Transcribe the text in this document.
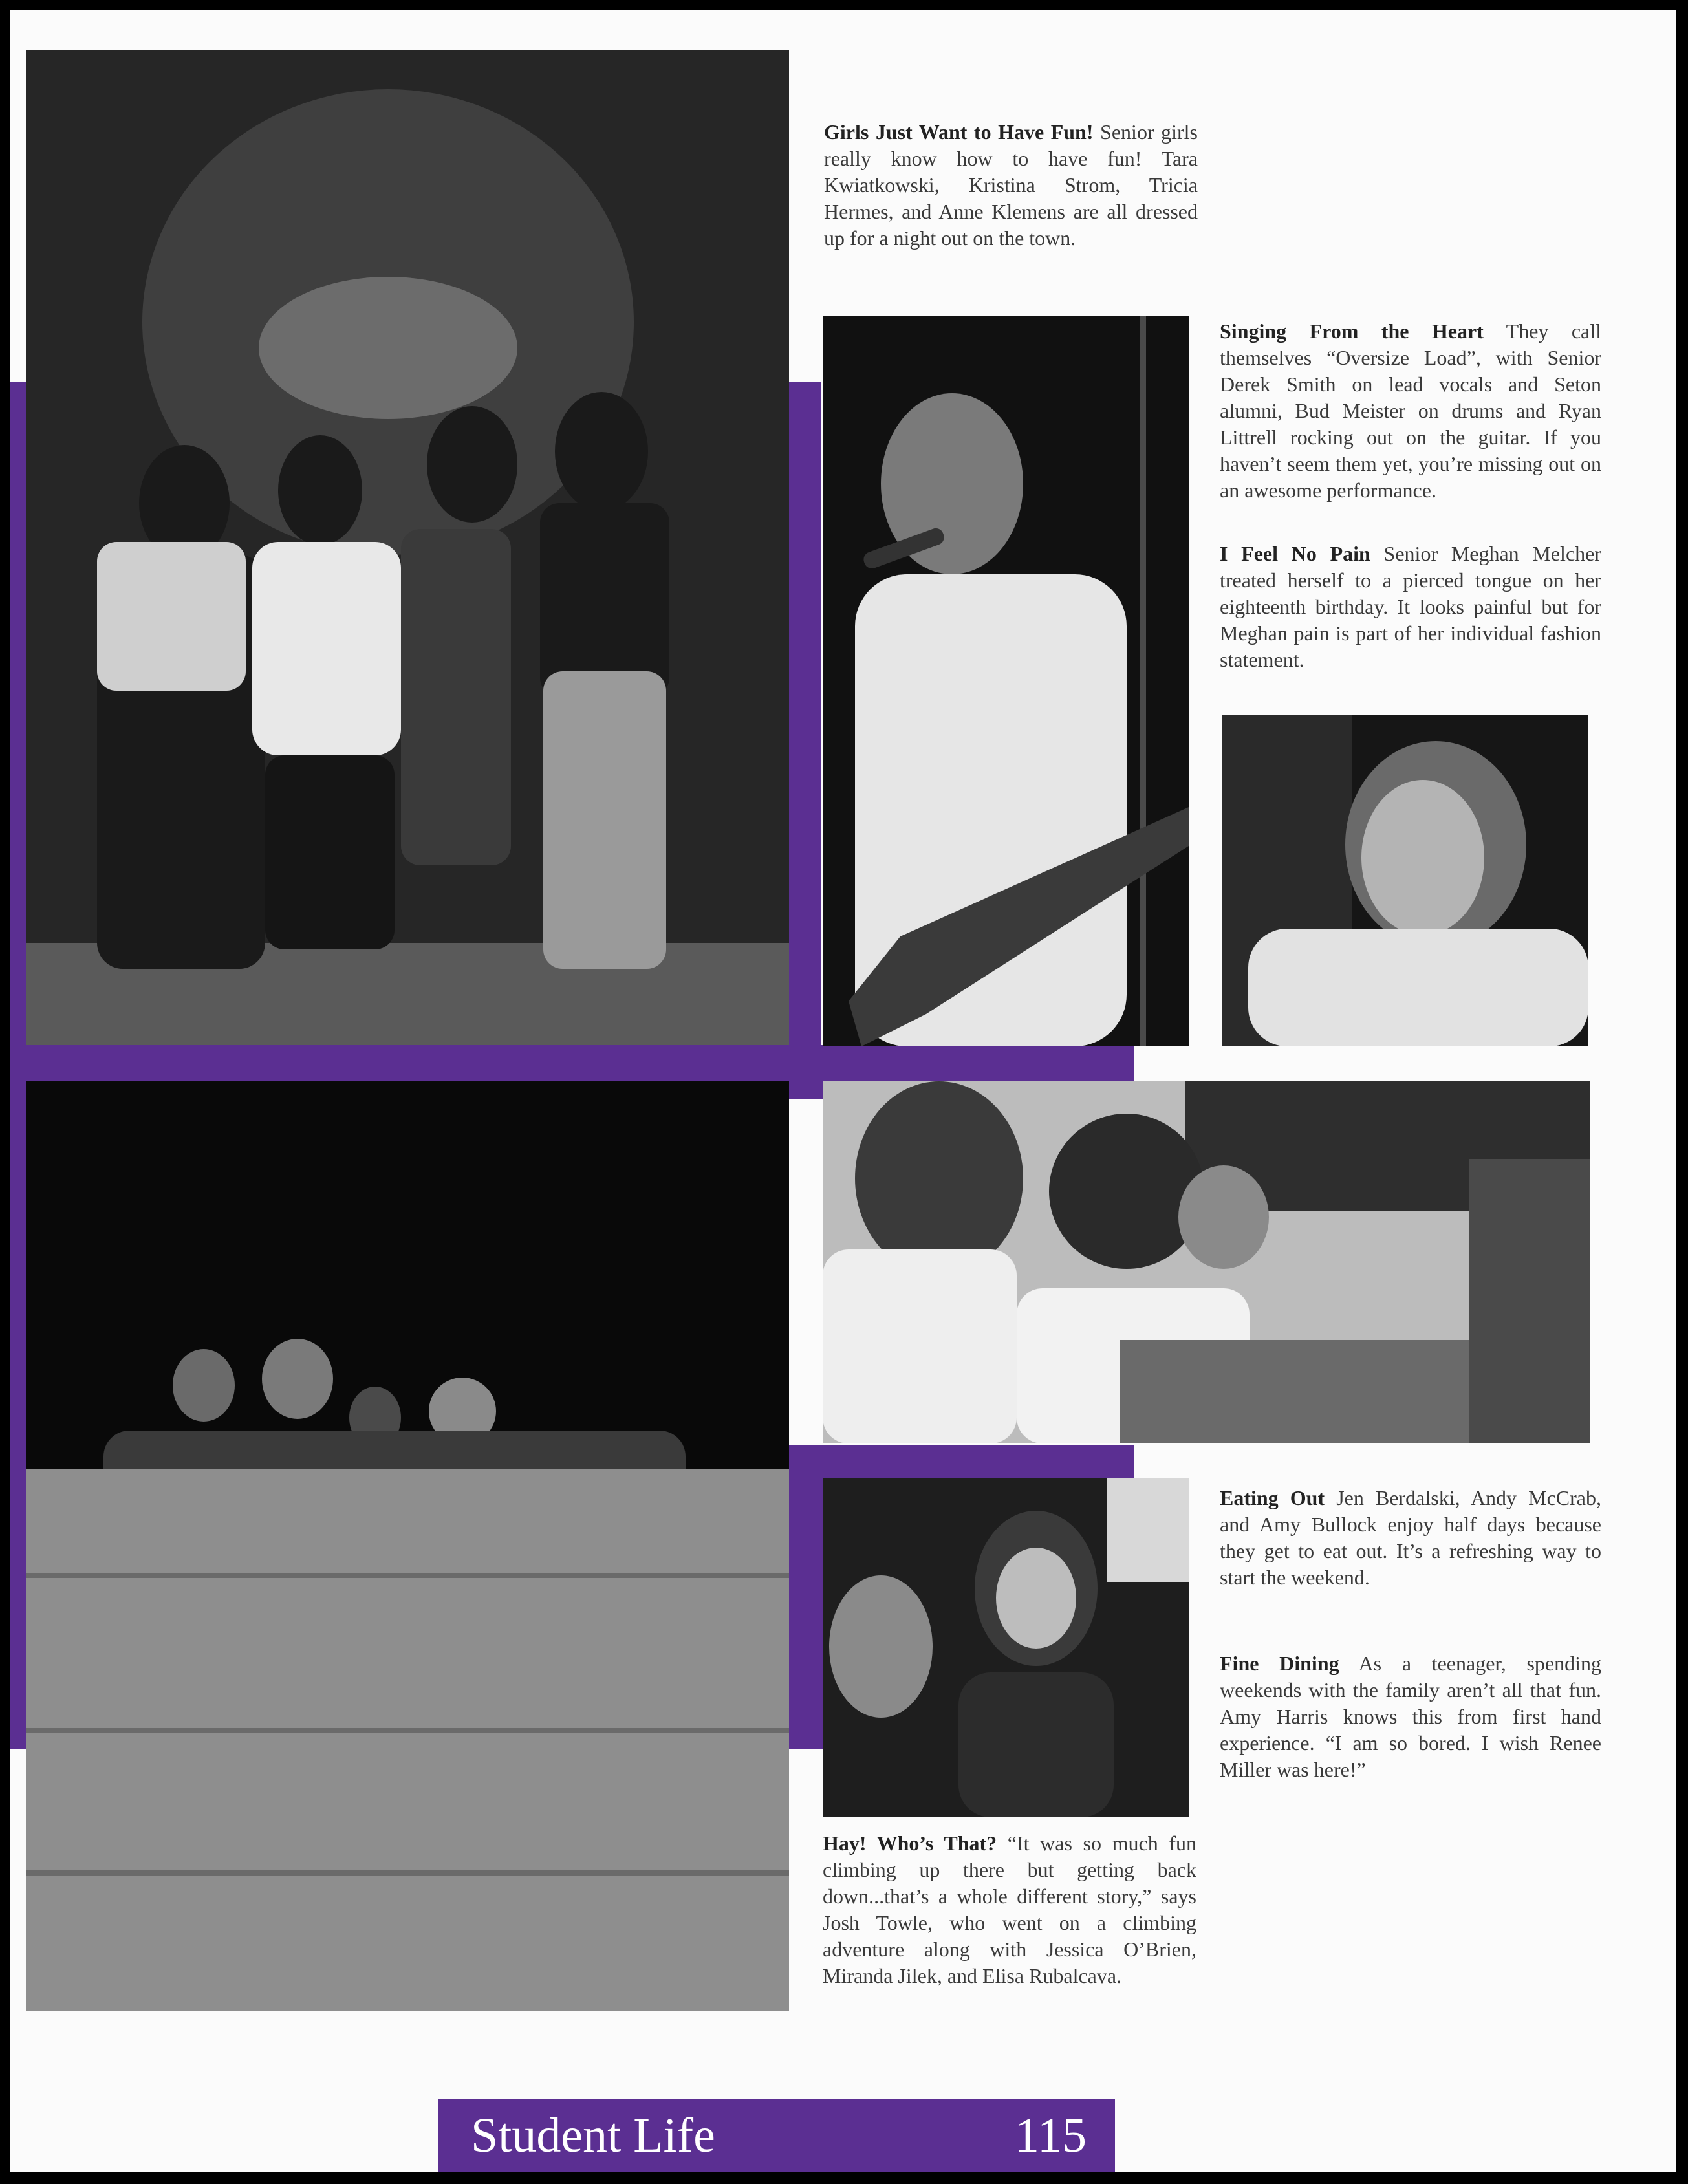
Girls Just Want to Have Fun! Senior girls really know how to have fun! Tara Kwiatkowski, Kristina Strom, Tricia Hermes, and Anne Klemens are all dressed up for a night out on the town.

Singing From the Heart They call themselves “Oversize Load”, with Senior Derek Smith on lead vocals and Seton alumni, Bud Meister on drums and Ryan Littrell rocking out on the guitar. If you haven’t seem them yet, you’re missing out on an awesome performance.

I Feel No Pain Senior Meghan Melcher treated herself to a pierced tongue on her eighteenth birthday. It looks painful but for Meghan pain is part of her individual fashion statement.

Eating Out Jen Berdalski, Andy McCrab, and Amy Bullock enjoy half days because they get to eat out. It’s a refreshing way to start the weekend.

Fine Dining As a teenager, spending weekends with the family aren’t all that fun. Amy Harris knows this from first hand experience. “I am so bored. I wish Renee Miller was here!”

Hay! Who’s That? “It was so much fun climbing up there but getting back down...that’s a whole different story,” says Josh Towle, who went on a climbing adventure along with Jessica O’Brien, Miranda Jilek, and Elisa Rubalcava.

Student Life	115
